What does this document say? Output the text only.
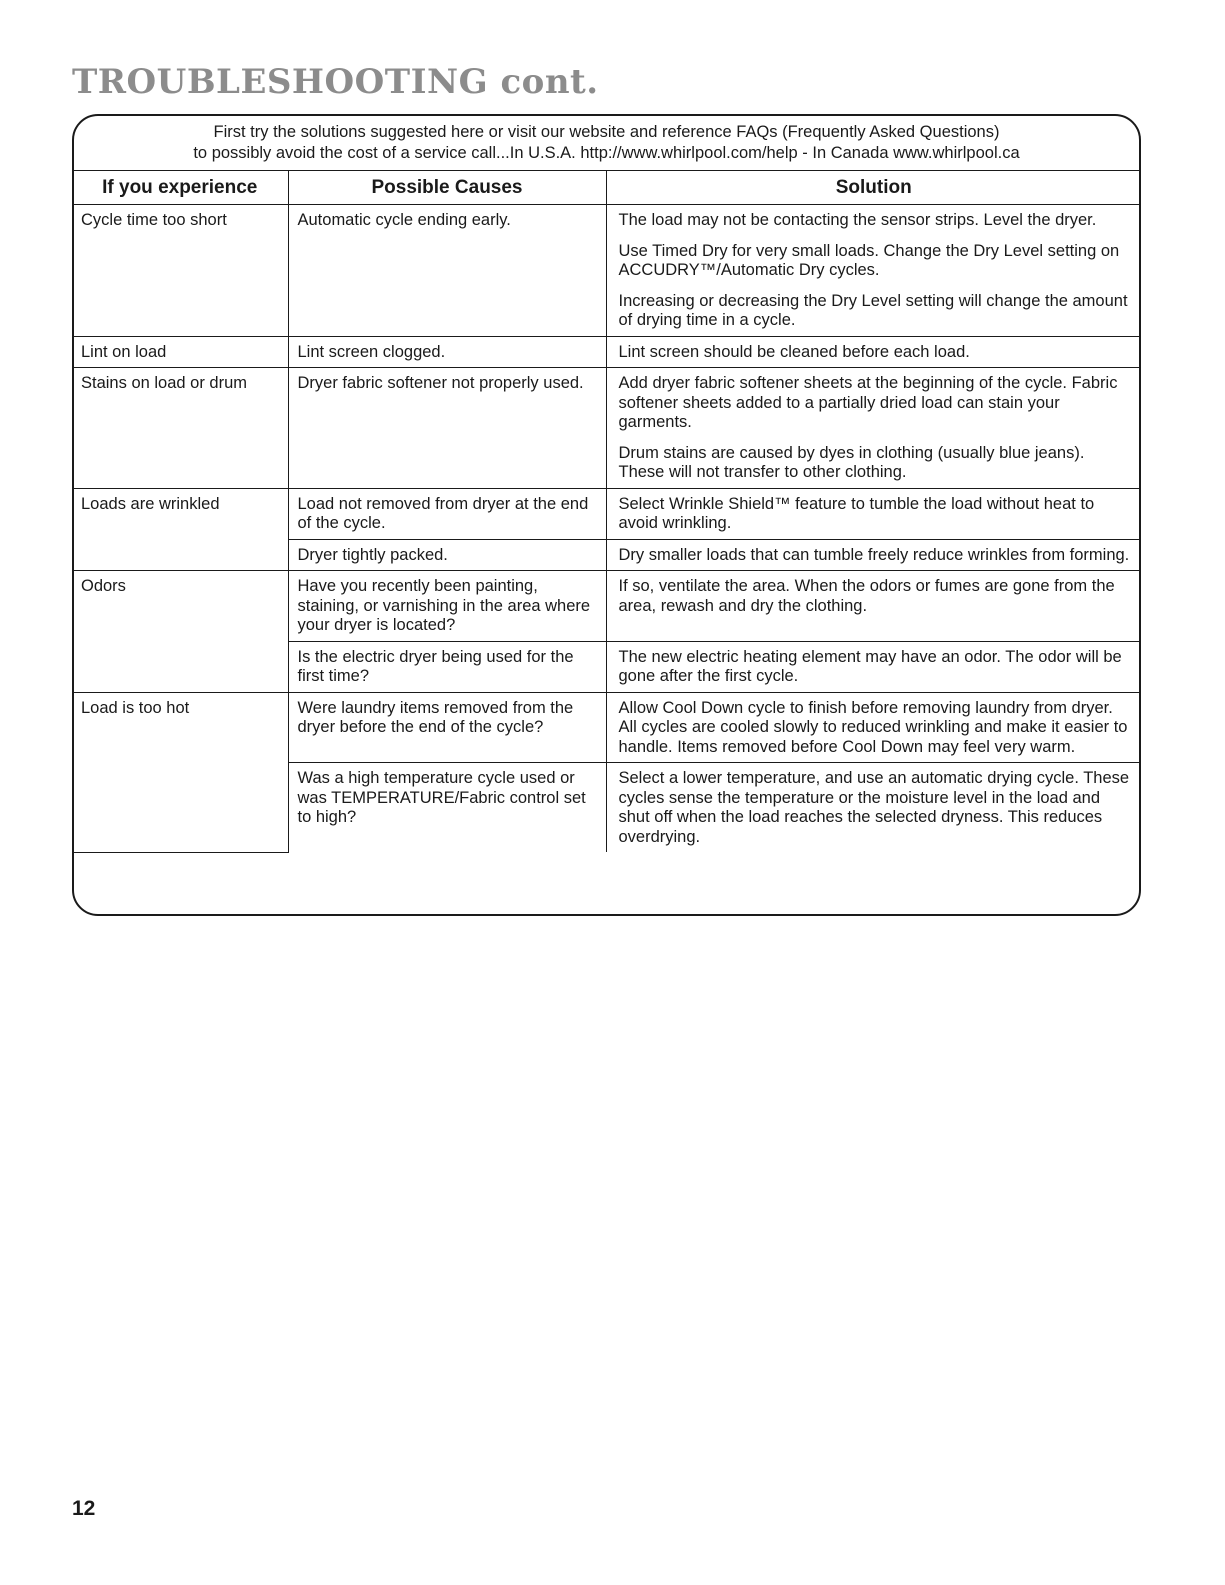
TROUBLESHOOTING cont.
First try the solutions suggested here or visit our website and reference FAQs (Frequently Asked Questions)
to possibly avoid the cost of a service call...In U.S.A. http://www.whirlpool.com/help - In Canada www.whirlpool.ca
If you experience	Possible Causes	Solution
Cycle time too short	Automatic cycle ending early.	The load may not be contacting the sensor strips. Level the dryer.

Use Timed Dry for very small loads. Change the Dry Level setting on ACCUDRY™/Automatic Dry cycles.

Increasing or decreasing the Dry Level setting will change the amount of drying time in a cycle.

Lint on load	Lint screen clogged.	Lint screen should be cleaned before each load.

Stains on load or drum	Dryer fabric softener not properly used.	Add dryer fabric softener sheets at the beginning of the cycle. Fabric softener sheets added to a partially dried load can stain your garments.

Drum stains are caused by dyes in clothing (usually blue jeans). These will not transfer to other clothing.

Loads are wrinkled	Load not removed from dryer at the end of the cycle.	Select Wrinkle Shield™ feature to tumble the load without heat to avoid wrinkling.

	Dryer tightly packed.	Dry smaller loads that can tumble freely reduce wrinkles from forming.

Odors	Have you recently been painting, staining, or varnishing in the area where your dryer is located?	If so, ventilate the area. When the odors or fumes are gone from the area, rewash and dry the clothing.

	Is the electric dryer being used for the first time?	The new electric heating element may have an odor. The odor will be gone after the first cycle.

Load is too hot	Were laundry items removed from the dryer before the end of the cycle?	Allow Cool Down cycle to finish before removing laundry from dryer. All cycles are cooled slowly to reduced wrinkling and make it easier to handle. Items removed before Cool Down may feel very warm.

	Was a high temperature cycle used or was TEMPERATURE/Fabric control set to high?	Select a lower temperature, and use an automatic drying cycle. These cycles sense the temperature or the moisture level in the load and shut off when the load reaches the selected dryness. This reduces overdrying.

12
